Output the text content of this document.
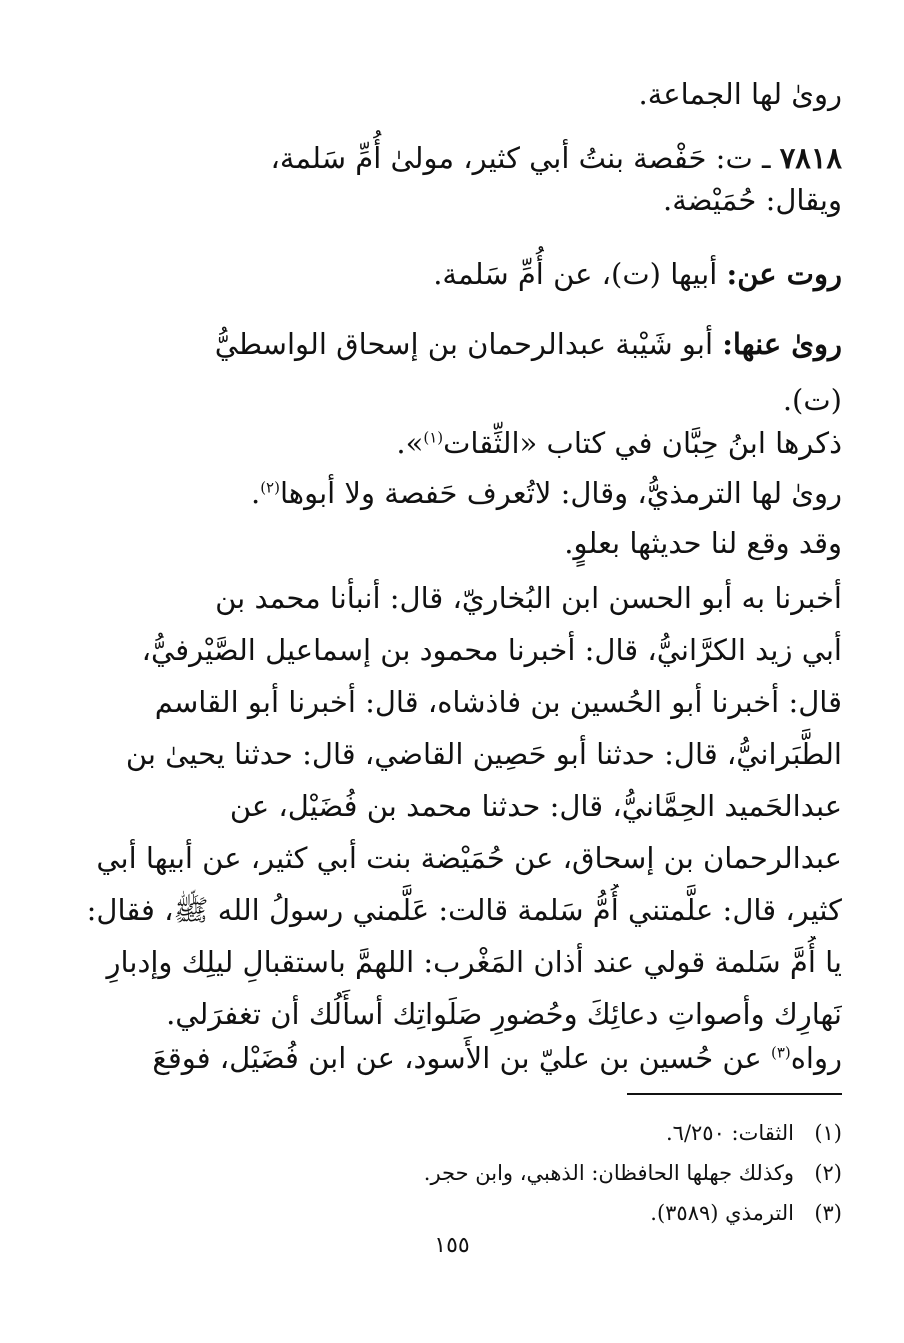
رویٰ لها الجماعة.
٧٨١٨ ـ ت: حَفْصة بنتُ أبي كثير، مولىٰ أُمِّ سَلمة،
ويقال: حُمَيْضة.
روت عن: أبيها (ت)، عن أُمِّ سَلمة.
رویٰ عنها: أبو شَيْبة عبدالرحمان بن إسحاق الواسطيُّ
(ت).
ذكرها ابنُ حِبَّان في كتاب «الثِّقات$^{(١)}$».
رویٰ لها الترمذيُّ، وقال: لاتُعرف حَفصة ولا أبوها$^{(٢)}$.
وقد وقع لنا حديثها بعلوٍ.
أخبرنا به أبو الحسن ابن البُخاريّ، قال: أنبأنا محمد بن
أبي زيد الكرَّانيُّ، قال: أخبرنا محمود بن إسماعيل الصَّيْرفيُّ،
قال: أخبرنا أبو الحُسين بن فاذشاه، قال: أخبرنا أبو القاسم
الطَّبَرانيُّ، قال: حدثنا أبو حَصِين القاضي، قال: حدثنا يحيىٰ بن
عبدالحَميد الحِمَّانيُّ، قال: حدثنا محمد بن فُضَيْل، عن
عبدالرحمان بن إسحاق، عن حُمَيْضة بنت أبي كثير، عن أبيها أبي
كثير، قال: علَّمتني أُمُّ سَلمة قالت: عَلَّمني رسولُ الله ﷺ، فقال:
يا أُمَّ سَلمة قولي عند أذان المَغْرب: اللهمَّ باستقبالِ ليلِك وإدبارِ
نَهارِك وأصواتِ دعائِكَ وحُضورِ صَلَواتِك أسأَلُك أن تغفرَلي.
رواه$^{(٣)}$ عن حُسين بن عليّ بن الأَسود، عن ابن فُضَيْل، فوقعَ
(١)الثقات: ٦/٢٥٠.
(٢)وكذلك جهلها الحافظان: الذهبي، وابن حجر.
(٣)الترمذي (٣٥٨٩).
١٥٥
